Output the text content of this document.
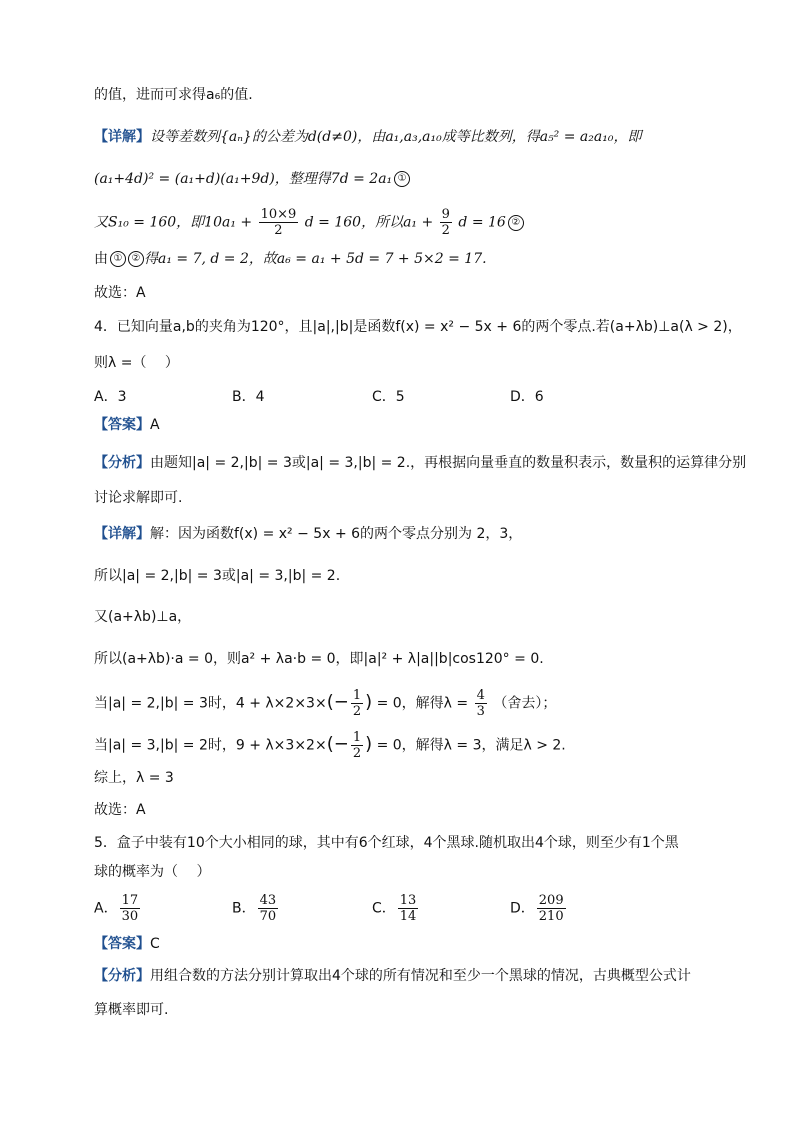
的值，进而可求得a₆的值.
【详解】设等差数列{aₙ}的公差为d(d≠0)，由a₁,a₃,a₁₀成等比数列，得a₅² = a₂a₁₀，即
(a₁+4d)² = (a₁+d)(a₁+9d)，整理得7d = 2a₁ ①
又S₁₀ = 160，即$10a_1 + \frac{10\times 9}{2}$ d = 160，所以$a_1 + \frac{9}{2}$ d = 16 ②
由 ① ② 得a₁ = 7, d = 2，故a₆ = a₁ + 5d = 7 + 5×2 = 17.
故选：A
4．已知向量a,b的夹角为120°，且|a|,|b|是函数f(x) = x² − 5x + 6的两个零点.若(a+λb)⊥a(λ > 2)，
则λ =（　 ）
A．3	B．4	C．5	D．6
【答案】A
【分析】由题知|a| = 2,|b| = 3或|a| = 3,|b| = 2.，再根据向量垂直的数量积表示，数量积的运算律分别
讨论求解即可.
【详解】解：因为函数f(x) = x² − 5x + 6的两个零点分别为 2，3，
所以|a| = 2,|b| = 3或|a| = 3,|b| = 2.
又(a+λb)⊥a，
所以(a+λb)·a = 0，则a² + λa·b = 0，即|a|² + λ|a||b|cos120° = 0.
当|a| = 2,|b| = 3时，$4 + \lambda\times 2\times 3\times(- \frac{1}{2}$ ) = 0，解得$\lambda = \frac{4}{3}$ （舍去）；
当|a| = 3,|b| = 2时，$9 + \lambda\times 3\times 2\times(- \frac{1}{2}$ ) = 0，解得λ = 3，满足λ > 2.
综上，λ = 3
故选：A
5．盒子中装有10个大小相同的球，其中有6个红球，4个黑球.随机取出4个球，则至少有1个黑
球的概率为（　 ）
A． $\frac{17}{30}$	B． $\frac{43}{70}$	C． $\frac{13}{14}$	D． $\frac{209}{210}$
【答案】C
【分析】用组合数的方法分别计算取出4个球的所有情况和至少一个黑球的情况，古典概型公式计
算概率即可.
